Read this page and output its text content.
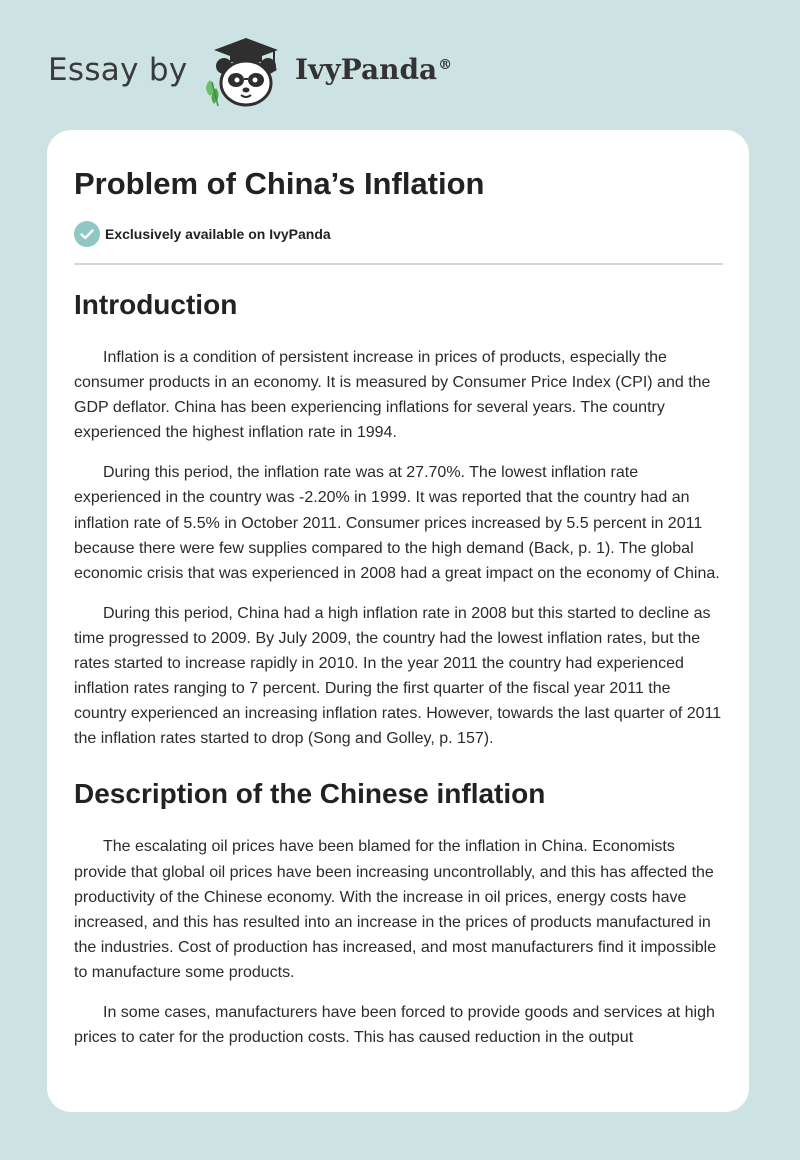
Essay by	IvyPanda®
Problem of China’s Inflation
Exclusively available on IvyPanda
Introduction

Inflation is a condition of persistent increase in prices of products, especially the consumer products in an economy. It is measured by Consumer Price Index (CPI) and the GDP deflator. China has been experiencing inflations for several years. The country experienced the highest inflation rate in 1994.

During this period, the inflation rate was at 27.70%. The lowest inflation rate experienced in the country was -2.20% in 1999. It was reported that the country had an inflation rate of 5.5% in October 2011. Consumer prices increased by 5.5 percent in 2011 because there were few supplies compared to the high demand (Back, p. 1). The global economic crisis that was experienced in 2008 had a great impact on the economy of China.

During this period, China had a high inflation rate in 2008 but this started to decline as time progressed to 2009. By July 2009, the country had the lowest inflation rates, but the rates started to increase rapidly in 2010. In the year 2011 the country had experienced inflation rates ranging to 7 percent. During the first quarter of the fiscal year 2011 the country experienced an increasing inflation rates. However, towards the last quarter of 2011 the inflation rates started to drop (Song and Golley, p. 157).

Description of the Chinese inflation

The escalating oil prices have been blamed for the inflation in China. Economists provide that global oil prices have been increasing uncontrollably, and this has affected the productivity of the Chinese economy. With the increase in oil prices, energy costs have increased, and this has resulted into an increase in the prices of products manufactured in the industries. Cost of production has increased, and most manufacturers find it impossible to manufacture some products.

In some cases, manufacturers have been forced to provide goods and services at high prices to cater for the production costs. This has caused reduction in the output
